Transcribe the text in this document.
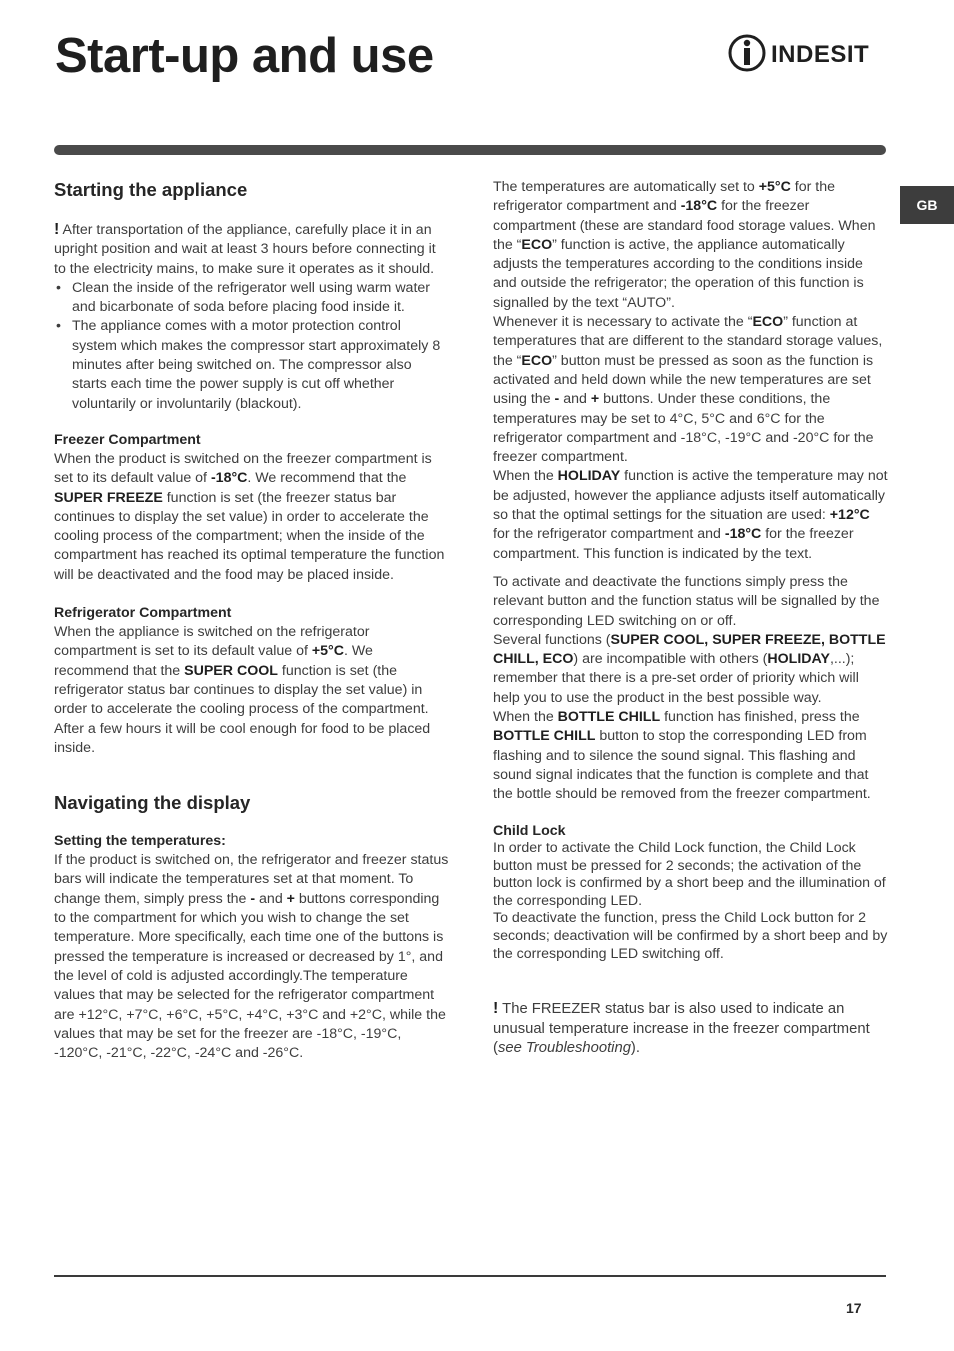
Start-up and use	INDESIT
GB
Starting the appliance

! After transportation of the appliance, carefully place it in an upright position and wait at least 3 hours before connecting it to the electricity mains, to make sure it operates as it should.

• Clean the inside of the refrigerator well using warm water and bicarbonate of soda before placing food inside it.
• The appliance comes with a motor protection control system which makes the compressor start approximately 8 minutes after being switched on. The compressor also starts each time the power supply is cut off whether voluntarily or involuntarily (blackout).
Freezer Compartment

When the product is switched on the freezer compartment is set to its default value of -18°C. We recommend that the SUPER FREEZE function is set (the freezer status bar continues to display the set value) in order to accelerate the cooling process of the compartment; when the inside of the compartment has reached its optimal temperature the function will be deactivated and the food may be placed inside.

Refrigerator Compartment

When the appliance is switched on the refrigerator compartment is set to its default value of +5°C. We recommend that the SUPER COOL function is set (the refrigerator status bar continues to display the set value) in order to accelerate the cooling process of the compartment. After a few hours it will be cool enough for food to be placed inside.

Navigating the display
Setting the temperatures:

If the product is switched on, the refrigerator and freezer status bars will indicate the temperatures set at that moment. To change them, simply press the - and + buttons corresponding to the compartment for which you wish to change the set temperature. More specifically, each time one of the buttons is pressed the temperature is increased or decreased by 1°, and the level of cold is adjusted accordingly.The temperature values that may be selected for the refrigerator compartment are +12°C, +7°C, +6°C, +5°C, +4°C, +3°C and +2°C, while the values that may be set for the freezer are -18°C, -19°C, -120°C, -21°C, -22°C, -24°C and -26°C.

The temperatures are automatically set to +5°C for the refrigerator compartment and -18°C for the freezer compartment (these are standard food storage values. When the “ECO” function is active, the appliance automatically adjusts the temperatures according to the conditions inside and outside the refrigerator; the operation of this function is signalled by the text “AUTO”.

Whenever it is necessary to activate the “ECO” function at temperatures that are different to the standard storage values, the “ECO” button must be pressed as soon as the function is activated and held down while the new temperatures are set using the - and + buttons. Under these conditions, the temperatures may be set to 4°C, 5°C and 6°C for the refrigerator compartment and -18°C, -19°C and -20°C for the freezer compartment.

When the HOLIDAY function is active the temperature may not be adjusted, however the appliance adjusts itself automatically so that the optimal settings for the situation are used: +12°C for the refrigerator compartment and -18°C for the freezer compartment. This function is indicated by the text.

To activate and deactivate the functions simply press the relevant button and the function status will be signalled by the corresponding LED switching on or off.

Several functions (SUPER COOL, SUPER FREEZE, BOTTLE CHILL, ECO) are incompatible with others (HOLIDAY,...); remember that there is a pre-set order of priority which will help you to use the product in the best possible way.

When the BOTTLE CHILL function has finished, press the BOTTLE CHILL button to stop the corresponding LED from flashing and to silence the sound signal. This flashing and sound signal indicates that the function is complete and that the bottle should be removed from the freezer compartment.

Child Lock

In order to activate the Child Lock function, the Child Lock button must be pressed for 2 seconds; the activation of the button lock is confirmed by a short beep and the illumination of the corresponding LED.

To deactivate the function, press the Child Lock button for 2 seconds; deactivation will be confirmed by a short beep and by the corresponding LED switching off.

! The FREEZER status bar is also used to indicate an unusual temperature increase in the freezer compartment (see Troubleshooting).

17
